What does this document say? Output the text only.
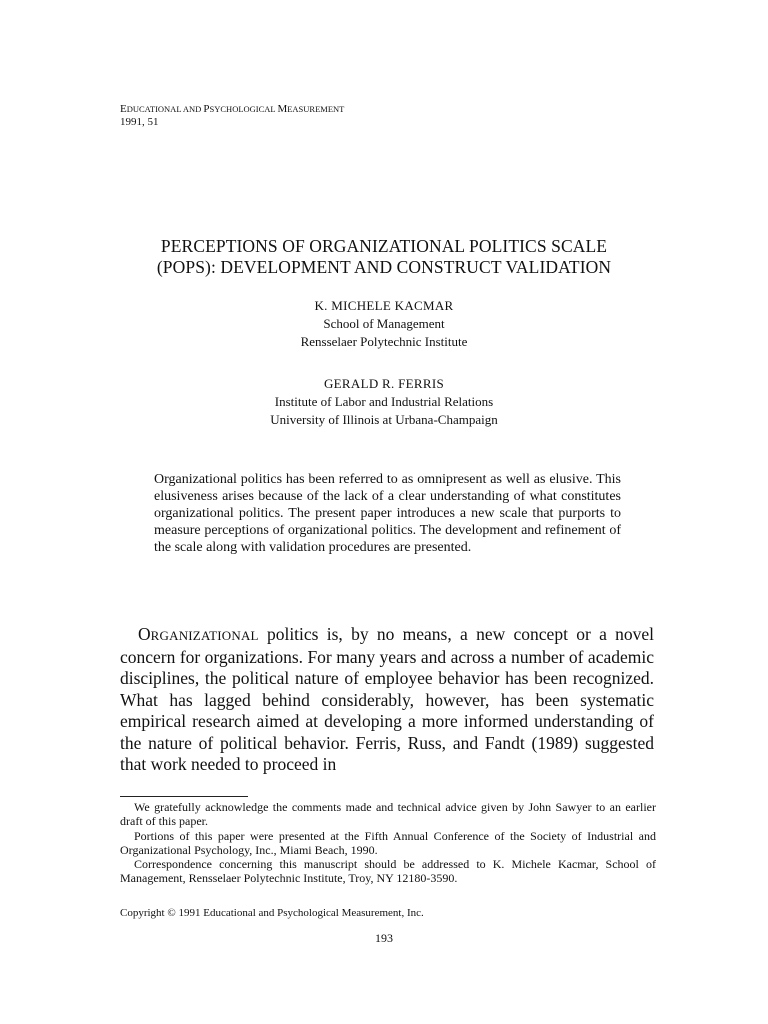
EDUCATIONAL AND PSYCHOLOGICAL MEASUREMENT
1991, 51
PERCEPTIONS OF ORGANIZATIONAL POLITICS SCALE
(POPS): DEVELOPMENT AND CONSTRUCT VALIDATION
K. MICHELE KACMAR
School of Management
Rensselaer Polytechnic Institute
GERALD R. FERRIS
Institute of Labor and Industrial Relations
University of Illinois at Urbana-Champaign
Organizational politics has been referred to as omnipresent as well as elusive. This elusiveness arises because of the lack of a clear understanding of what constitutes organizational politics. The present paper introduces a new scale that purports to measure perceptions of organizational politics. The development and refinement of the scale along with validation procedures are presented.
ORGANIZATIONAL politics is, by no means, a new concept or a novel concern for organizations. For many years and across a number of academic disciplines, the political nature of employee behavior has been recognized. What has lagged behind considerably, however, has been systematic empirical research aimed at developing a more informed understanding of the nature of political behavior. Ferris, Russ, and Fandt (1989) suggested that work needed to proceed in

We gratefully acknowledge the comments made and technical advice given by John Sawyer to an earlier draft of this paper.

Portions of this paper were presented at the Fifth Annual Conference of the Society of Industrial and Organizational Psychology, Inc., Miami Beach, 1990.

Correspondence concerning this manuscript should be addressed to K. Michele Kacmar, School of Management, Rensselaer Polytechnic Institute, Troy, NY 12180-3590.

Copyright © 1991 Educational and Psychological Measurement, Inc.
193
